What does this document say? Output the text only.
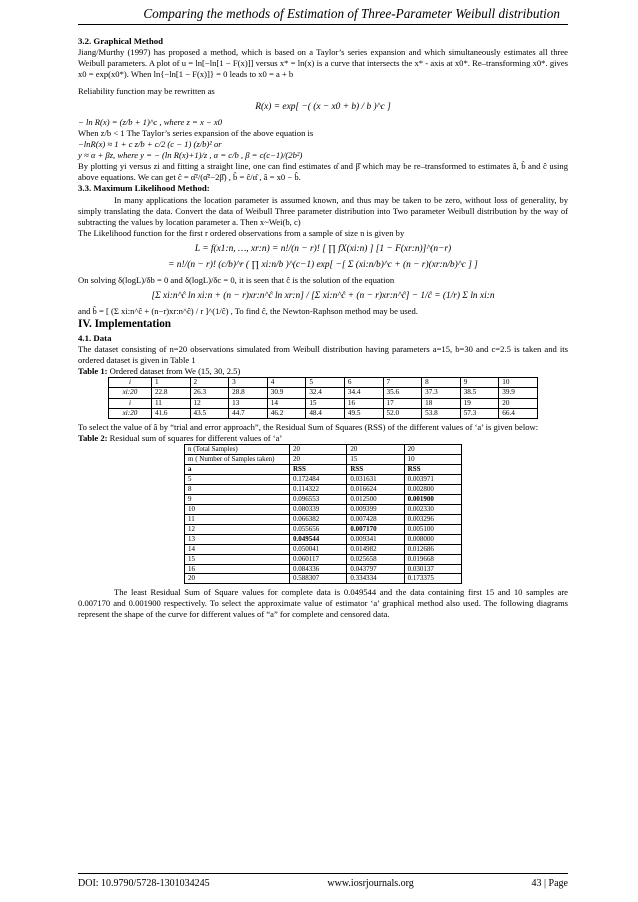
Comparing the methods of Estimation of Three-Parameter Weibull distribution

3.2. Graphical Method

Jiang/Murthy (1997) has proposed a method, which is based on a Taylor’s series expansion and which simultaneously estimates all three Weibull parameters. A plot of u = ln[−ln[1 − F(x)]] versus x* = ln(x) is a curve that intersects the x* - axis at x0*. Re–transforming x0*. gives x0 = exp(x0*). When ln{−ln[1 − F(x)]} = 0 leads to x0 = a + b

Reliability function may be rewritten as

R(x) = exp[ −( (x − x0 + b) / b )^c ]

− ln R(x) = (z/b + 1)^c , where z = x − x0

When z/b < 1 The Taylor’s series expansion of the above equation is

−lnR(x) ≈ 1 + c z/b + c/2 (c − 1) (z/b)² or

y ≈ α + βz, where y = − (ln R(x)+1)/z , α = c/b , β = c(c−1)/(2b²)

By plotting yi versus zi and fitting a straight line, one can find estimates α̂ and β̂ which may be re–transformed to estimates â, b̂ and ĉ using above equations. We can get ĉ = α̂²/(α̂²−2β̂) , b̂ = ĉ/α̂ , â = x0 − b̂.

3.3. Maximum Likelihood Method:

In many applications the location parameter is assumed known, and thus may be taken to be zero, without loss of generality, by simply translating the data. Convert the data of Weibull Three parameter distribution into Two parameter Weibull distribution by the way of subtracting the values by location parameter a. Then x~Wei(b, c)

The Likelihood function for the first r ordered observations from a sample of size n is given by

L = f(x1:n, …, xr:n) = n!/(n − r)! [ ∏ fX(xi:n) ] [1 − F(xr:n)]^(n−r)

= n!/(n − r)! (c/b)^r ( ∏ xi:n/b )^(c−1) exp[ −[ Σ (xi:n/b)^c + (n − r)(xr:n/b)^c ] ]

On solving δ(logL)/δb = 0 and δ(logL)/δc = 0, it is seen that ĉ is the solution of the equation

[Σ xi:n^ĉ ln xi:n + (n − r)xr:n^ĉ ln xr:n] / [Σ xi:n^ĉ + (n − r)xr:n^ĉ] − 1/ĉ = (1/r) Σ ln xi:n

and b̂ = [ (Σ xi:n^ĉ + (n−r)xr:n^ĉ) / r ]^(1/ĉ) , To find ĉ, the Newton-Raphson method may be used.

IV. Implementation

4.1. Data

The dataset consisting of n=20 observations simulated from Weibull distribution having parameters a=15, b=30 and c=2.5 is taken and its ordered dataset is given in Table 1

Table 1: Ordered dataset from We (15, 30, 2.5)

i	1	2	3	4	5	6	7	8	9	10
xi:20	22.8	26.3	28.8	30.9	32.4	34.4	35.6	37.3	38.5	39.9
i	11	12	13	14	15	16	17	18	19	20
xi:20	41.6	43.5	44.7	46.2	48.4	49.5	52.0	53.8	57.3	66.4

To select the value of â by “trial and error approach”, the Residual Sum of Squares (RSS) of the different values of ‘a’ is given below:

Table 2: Residual sum of squares for different values of ‘a’

n (Total Samples)	20	20	20
m ( Number of Samples taken)	20	15	10
a	RSS	RSS	RSS
5	0.172484	0.031631	0.003971
8	0.114322	0.016624	0.002800
9	0.096553	0.012500	0.001900
10	0.080339	0.009399	0.002330
11	0.066382	0.007428	0.003296
12	0.055656	0.007170	0.005100
13	0.049544	0.009341	0.008000
14	0.050041	0.014982	0.012686
15	0.060117	0.025658	0.019668
16	0.084336	0.043797	0.030137
20	0.588307	0.334334	0.173375

The least Residual Sum of Square values for complete data is 0.049544 and the data containing first 15 and 10 samples are 0.007170 and 0.001900 respectively. To select the approximate value of estimator ‘a’ graphical method also used. The following diagrams represent the shape of the curve for different values of “a” for complete and censored data.

DOI: 10.9790/5728-1301034245	www.iosrjournals.org	43 | Page
